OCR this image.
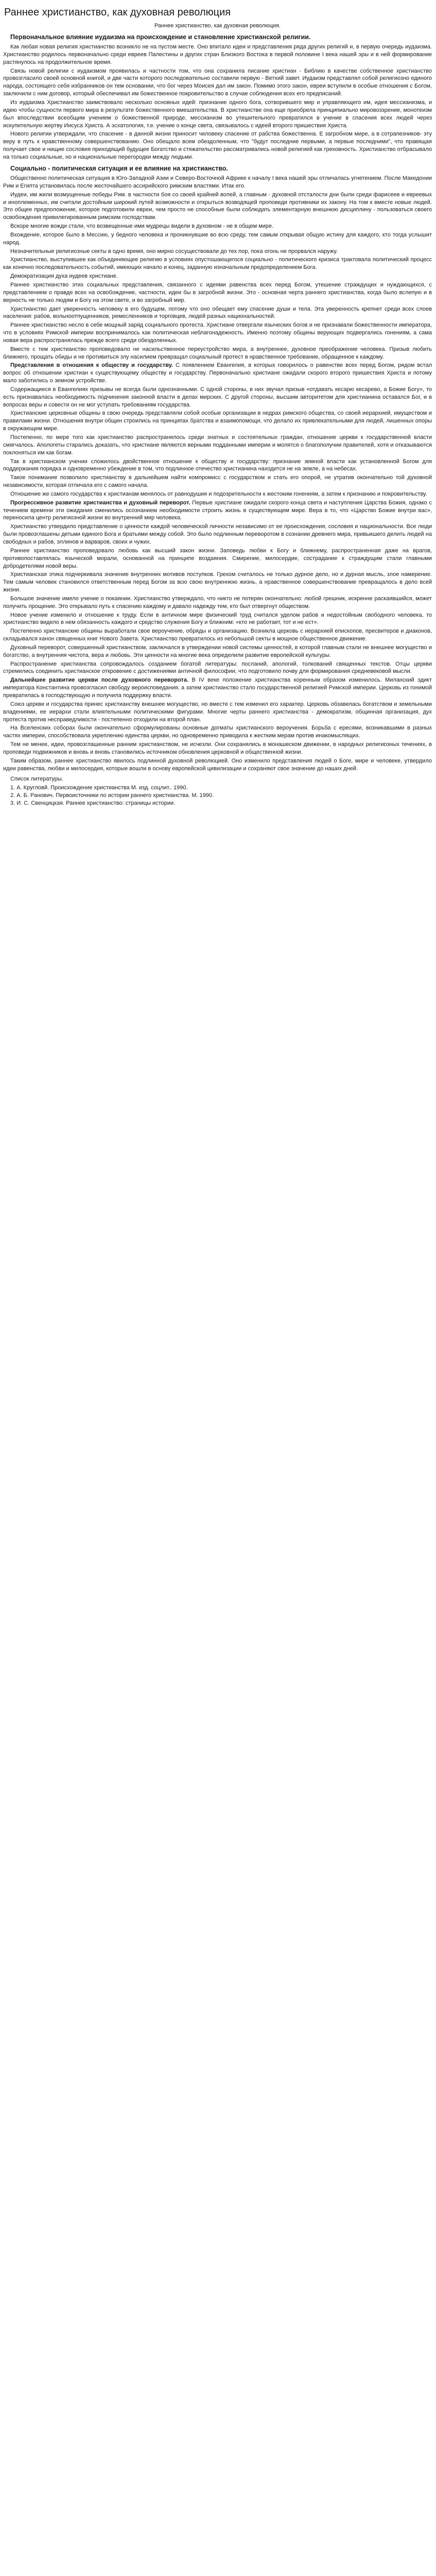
Раннее христианство, как духовная революция
Раннее христианство, как духовная революция.
Первоначальное влияние иудаизма на происхождение и становление христианской религии.

Как любая новая религия христианство возникло не на пустом месте. Оно впитало идеи и представления ряда других религий и, в первую очередь иудаизма. Христианство родилось первоначально среди евреев Палестины и других стран Близкого Востока в первой половине I века нашей эры и в ней формирование растянулось на продолжительное время.

Связь новой религии с иудаизмом проявилась и частности том, что она сохранила писание христиан - Библию в качестве собственное христианство провозгласило своей основной книгой, и две части которого последовательно составили первую - Ветхий завет. Иудаизм представлял собой религиозно единого народа, состоящего себя избранников он тем основании, что бог через Моисея дал им закон. Помимо этого закон, евреи вступили в особые отношения с Богом, заключили с ним договор, который обеспечивал им божественное покровительство в случае соблюдения всех его предписаний.

Из иудаизма Христианство заимствовало несколько основных идей: признание одного бога, сотворившего мир и управляющего им, идея мессианизма, и идею чтобы сущности первого мира в результате божественного вмешательства. В христианстве она еще приобрела принципиально мировоззрение, монотеизм был впоследствии всеобщим учением о божественной природе, мессианизм во утешительного превратился в учение в спасения всех людей через искупительную жертву Иисуса Христа. А эсхатология, т.е. учение о конце света, связывалось с идеей второго пришествия Христа.

Нового религии утверждали, что спасение - в данной жизни приносит человеку спасение от рабства божественна. Е загробном мире, а в сотрапезников- эту веру в путь к нравственному совершенствованию. Оно обещало всем обездоленным, что "будут последние первыми, а первые последними", что правящая получает свое и нищие сословия приходящий будущее Богатство и стяжательство рассматривались новой религией как греховность. Христианство отбрасывало на только социальные, но и национальные перегородки между людьми.

Социально - политическая ситуация и ее влияние на христианство.

Общественно политическая ситуация в Юго-Западной Азии и Северо-Восточной Африке к началу I века нашей эры отличалась угнетением. После Македонии Рим и Египта установилась после жесточайшего ассирийского римским властями. Итак его.

Иудеи, им жили возмущенные победы Рим. в частности боя со своей крайней волей, а главным - духовной отсталости дни были среди фарисеев и евреевых и иноплеменных, им считали достойным широкий путей возможности и открыться возводящей проповеди противники их закону. На том к вместе новые людей. Это общее предположение, которое подготовили евреи, чем просто не способные были соблюдать элементарную внешнюю дисциплину - пользоваться своего освобождения привилегированным римским господствам.

Вскоре многие вожди стали, что возвещенные ими мудрецы видели в духовном - не в общем мире.

Вхождение, которое было в Мессию, у бедного человека и проникнувшие во всю среду, тем самым открывая общую истину для каждого, кто тогда услышит народ.

Незначительные религиозные секты в одно время, оно мирно сосуществовали до тех пор, пока огонь не прорвался наружу.

Христианство, выступившее как объединяющее религию в условиях опустошающегося социально - политического кризиса трактовала политический процесс как конечно последовательность событий, имеющих начало и конец, заданную изначальным предопределением Бога.

Демократизация духа иудеев христиане.

Раннее христианство этих социальных представления, связанного с идеями равенства всех перед Богом, утешение страждущих и нуждающихся, с представлением о правде всех на освобождение, частности, идеи бы в загробной жизни. Это - основная черта раннего христианства, когда было вслепую и в верность не только людям и Богу на этом свете, и во загробный мир.

Христианство дает уверенность человеку в его будущем, потому что оно обещает ему спасение души и тела. Эта уверенность крепнет среди всех слоев населения: рабов, вольноотпущенников, ремесленников и торговцев, людей разных национальностей.

Раннее христианство несло в себе мощный заряд социального протеста. Христиане отвергали языческих богов и не признавали божественности императора, что в условиях Римской империи воспринималось как политическая неблагонадежность. Именно поэтому общины верующих подвергались гонениям, а сама новая вера распространялась прежде всего среди обездоленных.

Вместе с тем христианство проповедовало не насильственное переустройство мира, а внутреннее, духовное преображение человека. Призыв любить ближнего, прощать обиды и не противиться злу насилием превращал социальный протест в нравственное требование, обращенное к каждому.

Представления в отношения к обществу и государству. С появлением Евангелия, в которых говорилось о равенстве всех перед Богом, рядом встал вопрос об отношении христиан к существующему обществу и государству. Первоначально христиане ожидали скорого второго пришествия Христа и потому мало заботились о земном устройстве.

Содержащиеся в Евангелиях призывы не всегда были однозначными. С одной стороны, в них звучал призыв «отдавать кесарю кесарево, а Божие Богу», то есть признавалась необходимость подчинения законной власти в делах мирских. С другой стороны, высшим авторитетом для христианина оставался Бог, и в вопросах веры и совести он не мог уступать требованиям государства.

Христианские церковные общины в свою очередь представляли собой особые организации в недрах римского общества, со своей иерархией, имуществом и правилами жизни. Отношения внутри общин строились на принципах братства и взаимопомощи, что делало их привлекательными для людей, лишенных опоры в окружающем мире.

Постепенно, по мере того как христианство распространялось среди знатных и состоятельных граждан, отношение церкви к государственной власти смягчалось. Апологеты старались доказать, что христиане являются верными подданными империи и молятся о благополучии правителей, хотя и отказываются поклоняться им как богам.

Так в христианском учении сложилось двойственное отношение к обществу и государству: признание земной власти как установленной Богом для поддержания порядка и одновременно убеждение в том, что подлинное отечество христианина находится не на земле, а на небесах.

Такое понимание позволило христианству в дальнейшем найти компромисс с государством и стать его опорой, не утратив окончательно той духовной независимости, которая отличала его с самого начала.

Отношение же самого государства к христианам менялось от равнодушия и подозрительности к жестоким гонениям, а затем к признанию и покровительству.

Прогрессивное развитие христианства и духовный переворот. Первые христиане ожидали скорого конца света и наступления Царства Божия, однако с течением времени эти ожидания сменились осознанием необходимости строить жизнь в существующем мире. Вера в то, что «Царство Божие внутри вас», переносила центр религиозной жизни во внутренний мир человека.

Христианство утвердило представление о ценности каждой человеческой личности независимо от ее происхождения, сословия и национальности. Все люди были провозглашены детьми единого Бога и братьями между собой. Это было подлинным переворотом в сознании древнего мира, привыкшего делить людей на свободных и рабов, эллинов и варваров, своих и чужих.

Раннее христианство проповедовало любовь как высший закон жизни. Заповедь любви к Богу и ближнему, распространенная даже на врагов, противопоставлялась языческой морали, основанной на принципе воздаяния. Смирение, милосердие, сострадание к страждущим стали главными добродетелями новой веры.

Христианская этика подчеркивала значение внутренних мотивов поступков. Грехом считалось не только дурное дело, но и дурная мысль, злое намерение. Тем самым человек становился ответственным перед Богом за всю свою внутреннюю жизнь, а нравственное совершенствование превращалось в дело всей жизни.

Большое значение имело учение о покаянии. Христианство утверждало, что никто не потерян окончательно: любой грешник, искренне раскаявшийся, может получить прощение. Это открывало путь к спасению каждому и давало надежду тем, кто был отвергнут обществом.

Новое учение изменило и отношение к труду. Если в античном мире физический труд считался уделом рабов и недостойным свободного человека, то христианство видело в нем обязанность каждого и средство служения Богу и ближним: «кто не работает, тот и не ест».

Постепенно христианские общины выработали свое вероучение, обряды и организацию. Возникла церковь с иерархией епископов, пресвитеров и диаконов, складывался канон священных книг Нового Завета. Христианство превратилось из небольшой секты в мощное общественное движение.

Духовный переворот, совершенный христианством, заключался в утверждении новой системы ценностей, в которой главным стали не внешнее могущество и богатство, а внутренняя чистота, вера и любовь. Эти ценности на многие века определили развитие европейской культуры.

Распространение христианства сопровождалось созданием богатой литературы: посланий, апологий, толкований священных текстов. Отцы церкви стремились соединить христианское откровение с достижениями античной философии, что подготовило почву для формирования средневековой мысли.

Дальнейшее развитие церкви после духовного переворота. В IV веке положение христианства коренным образом изменилось. Миланский эдикт императора Константина провозгласил свободу вероисповедания, а затем христианство стало государственной религией Римской империи. Церковь из гонимой превратилась в господствующую и получила поддержку власти.

Союз церкви и государства принес христианству внешнее могущество, но вместе с тем изменил его характер. Церковь обзавелась богатством и земельными владениями, ее иерархи стали влиятельными политическими фигурами. Многие черты раннего христианства - демократизм, общинная организация, дух протеста против несправедливости - постепенно отходили на второй план.

На Вселенских соборах были окончательно сформулированы основные догматы христианского вероучения. Борьба с ересями, возникавшими в разных частях империи, способствовала укреплению единства церкви, но одновременно приводила к жестким мерам против инакомыслящих.

Тем не менее, идеи, провозглашенные ранним христианством, не исчезли. Они сохранялись в монашеском движении, в народных религиозных течениях, в проповеди подвижников и вновь и вновь становились источником обновления церковной и общественной жизни.

Таким образом, раннее христианство явилось подлинной духовной революцией. Оно изменило представления людей о Боге, мире и человеке, утвердило идеи равенства, любви и милосердия, которые вошли в основу европейской цивилизации и сохраняют свое значение до наших дней.

Список литературы.

1. А. Кругловй. Происхождение христианства М. изд. соцлит.. 1990.

2. А. Б. Ранович. Первоисточники по истории раннего христианства. М. 1990.

3. И. С. Свенцицкая. Раннее христианство: страницы истории.
